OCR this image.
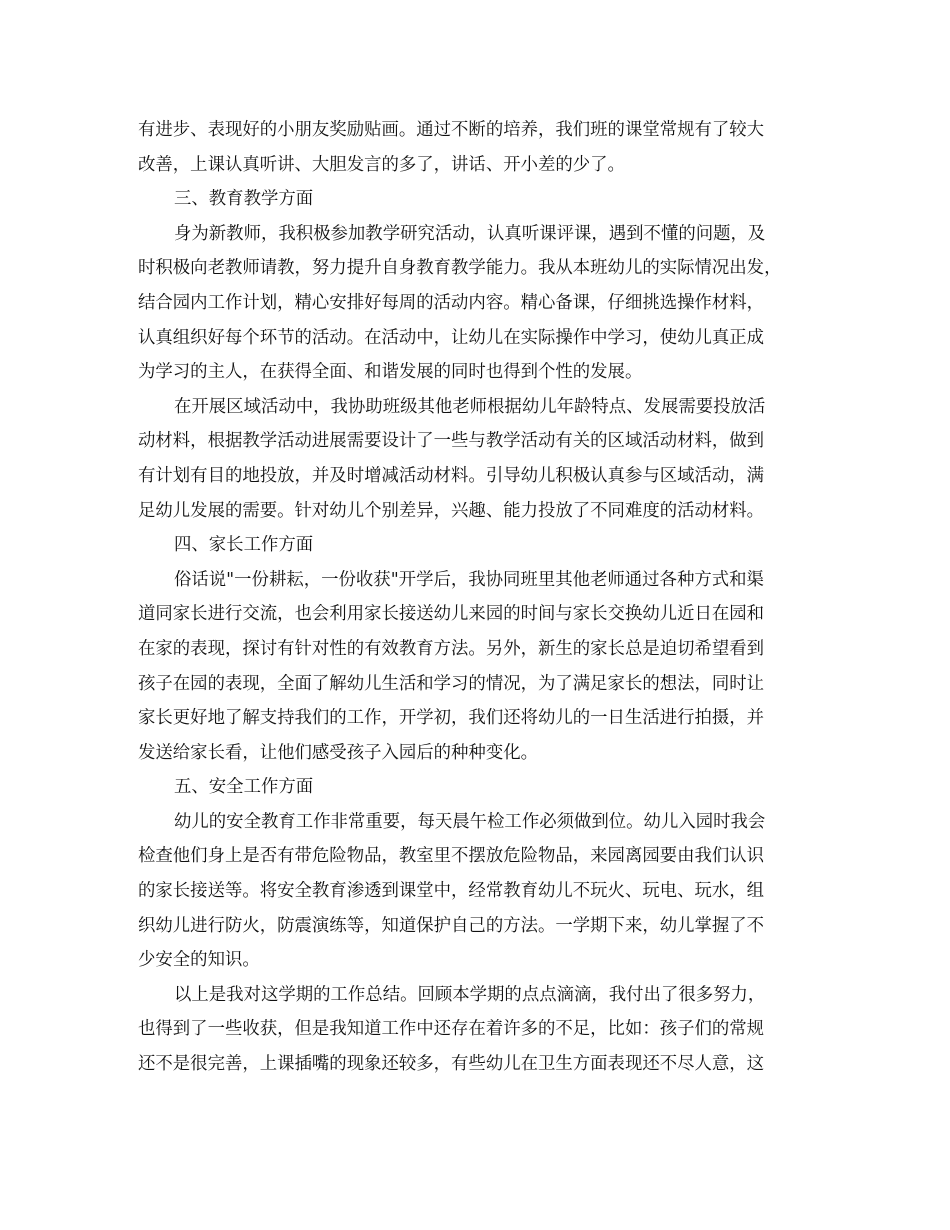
有进步、表现好的小朋友奖励贴画。通过不断的培养，我们班的课堂常规有了较大
改善，上课认真听讲、大胆发言的多了，讲话、开小差的少了。
三、教育教学方面
身为新教师，我积极参加教学研究活动，认真听课评课，遇到不懂的问题，及
时积极向老教师请教，努力提升自身教育教学能力。我从本班幼儿的实际情况出发，
结合园内工作计划，精心安排好每周的活动内容。精心备课，仔细挑选操作材料，
认真组织好每个环节的活动。在活动中，让幼儿在实际操作中学习，使幼儿真正成
为学习的主人，在获得全面、和谐发展的同时也得到个性的发展。
在开展区域活动中，我协助班级其他老师根据幼儿年龄特点、发展需要投放活
动材料，根据教学活动进展需要设计了一些与教学活动有关的区域活动材料，做到
有计划有目的地投放，并及时增减活动材料。引导幼儿积极认真参与区域活动，满
足幼儿发展的需要。针对幼儿个别差异，兴趣、能力投放了不同难度的活动材料。
四、家长工作方面
俗话说"一份耕耘，一份收获"开学后，我协同班里其他老师通过各种方式和渠
道同家长进行交流，也会利用家长接送幼儿来园的时间与家长交换幼儿近日在园和
在家的表现，探讨有针对性的有效教育方法。另外，新生的家长总是迫切希望看到
孩子在园的表现，全面了解幼儿生活和学习的情况，为了满足家长的想法，同时让
家长更好地了解支持我们的工作，开学初，我们还将幼儿的一日生活进行拍摄，并
发送给家长看，让他们感受孩子入园后的种种变化。
五、安全工作方面
幼儿的安全教育工作非常重要，每天晨午检工作必须做到位。幼儿入园时我会
检查他们身上是否有带危险物品，教室里不摆放危险物品，来园离园要由我们认识
的家长接送等。将安全教育渗透到课堂中，经常教育幼儿不玩火、玩电、玩水，组
织幼儿进行防火，防震演练等，知道保护自己的方法。一学期下来，幼儿掌握了不
少安全的知识。
以上是我对这学期的工作总结。回顾本学期的点点滴滴，我付出了很多努力，
也得到了一些收获，但是我知道工作中还存在着许多的不足，比如：孩子们的常规
还不是很完善，上课插嘴的现象还较多，有些幼儿在卫生方面表现还不尽人意，这
